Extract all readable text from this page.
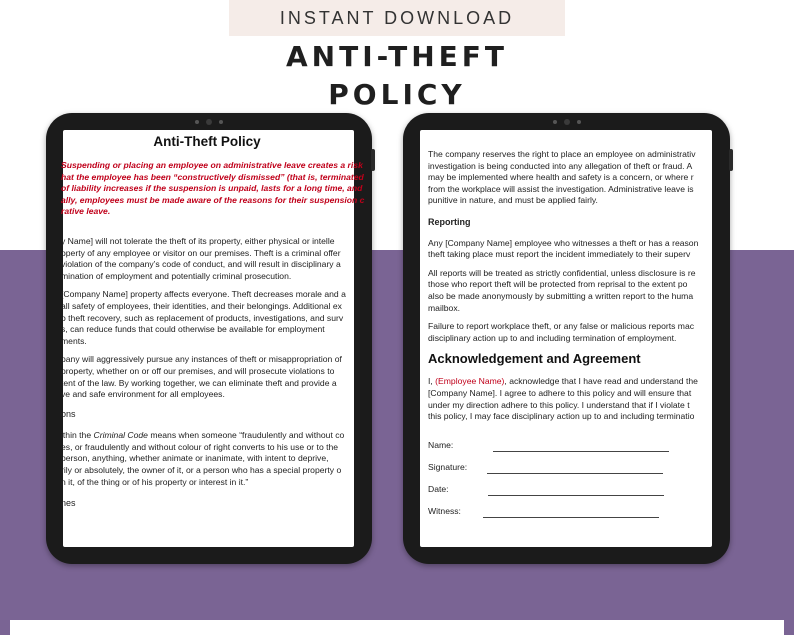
INSTANT DOWNLOAD
ANTI-THEFT
POLICY
Anti-Theft Policy

Suspending or placing an employee on administrative leave creates a risk
hat the employee has been “constructively dismissed” (that is, terminated
of liability increases if the suspension is unpaid, lasts for a long time, and
ally, employees must be made aware of the reasons for their suspension c
rative leave.

y Name] will not tolerate the theft of its property, either physical or intelle
operty of any employee or visitor on our premises. Theft is a criminal offer
violation of the company’s code of conduct, and will result in disciplinary a
mination of employment and potentially criminal prosecution.

[Company Name] property affects everyone. Theft decreases morale and a
all safety of employees, their identities, and their belongings. Additional ex
o theft recovery, such as replacement of products, investigations, and surv
s, can reduce funds that could otherwise be available for employment
ments.

pany will aggressively pursue any instances of theft or misappropriation of
property, whether on or off our premises, and will prosecute violations to
tent of the law. By working together, we can eliminate theft and provide a
ve and safe environment for all employees.

ons

ithin the Criminal Code means when someone “fraudulently and without co
es, or fraudulently and without colour of right converts to his use or to the
person, anything, whether animate or inanimate, with intent to deprive,
rily or absolutely, the owner of it, or a person who has a special property o
n it, of the thing or of his property or interest in it.”

nes

The company reserves the right to place an employee on administrativ
investigation is being conducted into any allegation of theft or fraud. A
may be implemented where health and safety is a concern, or where r
from the workplace will assist the investigation. Administrative leave is
punitive in nature, and must be applied fairly.

Reporting

Any [Company Name] employee who witnesses a theft or has a reason
theft taking place must report the incident immediately to their superv

All reports will be treated as strictly confidential, unless disclosure is re
those who report theft will be protected from reprisal to the extent po
also be made anonymously by submitting a written report to the huma
mailbox.

Failure to report workplace theft, or any false or malicious reports mac
disciplinary action up to and including termination of employment.

Acknowledgement and Agreement

I, (Employee Name), acknowledge that I have read and understand the
[Company Name]. I agree to adhere to this policy and will ensure that
under my direction adhere to this policy. I understand that if I violate t
this policy, I may face disciplinary action up to and including terminatio

Name:
Signature:
Date:
Witness:
